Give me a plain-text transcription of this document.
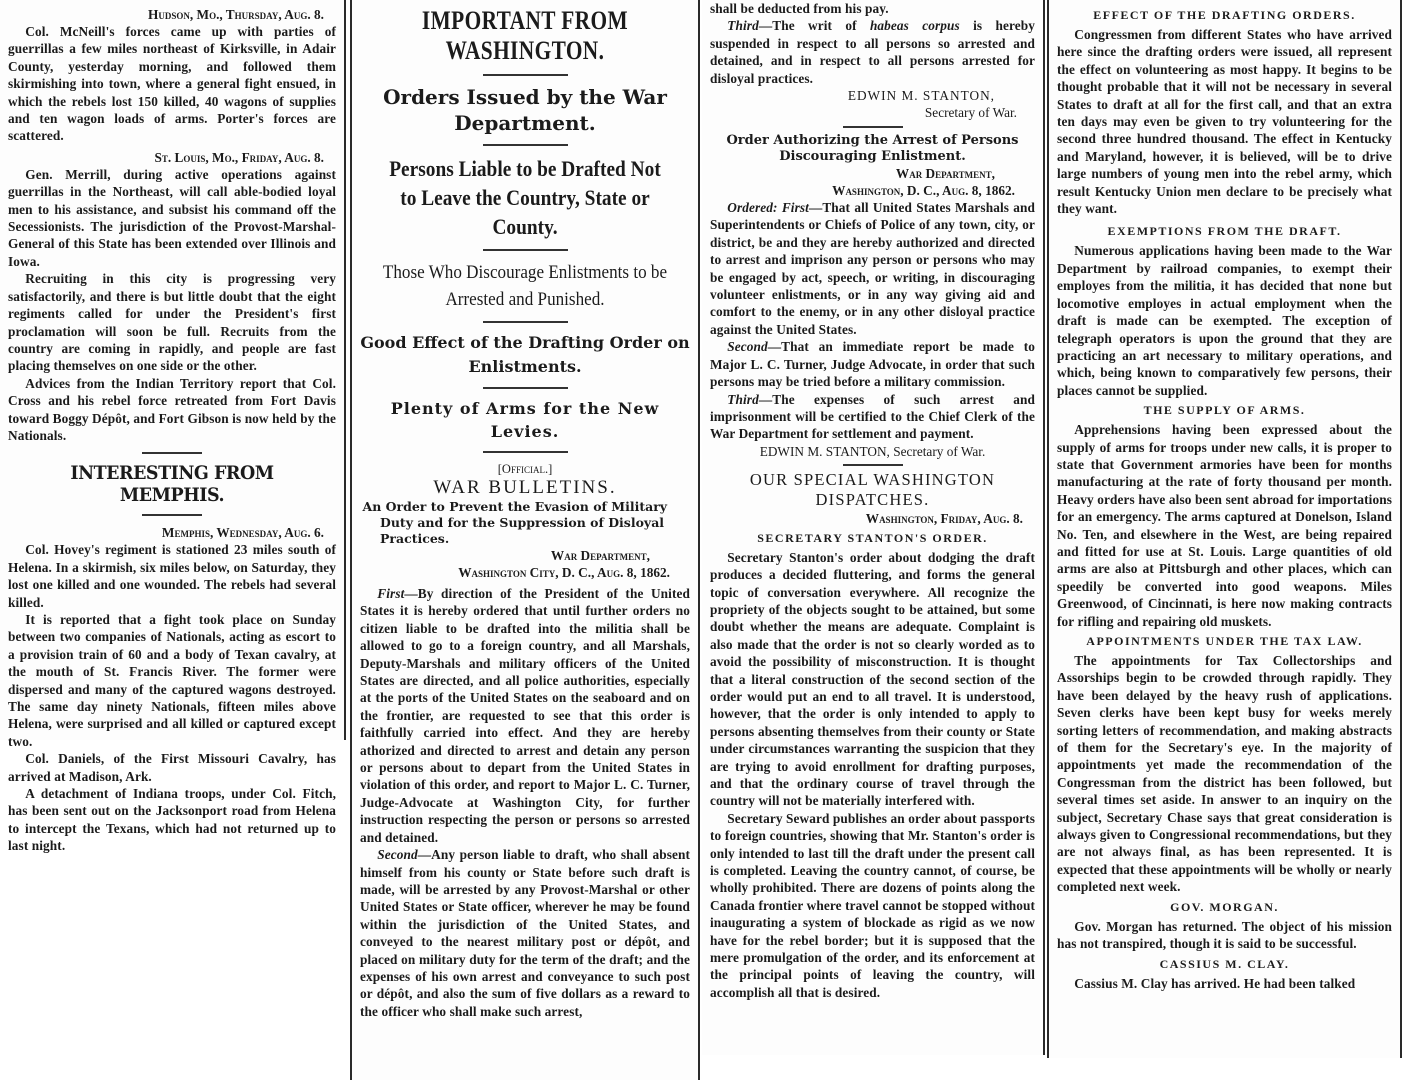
Hudson, Mo., Thursday, Aug. 8.

Col. McNeill's forces came up with parties of guerrillas a few miles northeast of Kirksville, in Adair County, yesterday morning, and followed them skirmishing into town, where a general fight ensued, in which the rebels lost 150 killed, 40 wagons of supplies and ten wagon loads of arms. Porter's forces are scattered.

St. Louis, Mo., Friday, Aug. 8.

Gen. Merrill, during active operations against guerrillas in the Northeast, will call able-bodied loyal men to his assistance, and subsist his command off the Secessionists. The jurisdiction of the Provost-Marshal-General of this State has been extended over Illinois and Iowa.

Recruiting in this city is progressing very satisfactorily, and there is but little doubt that the eight regiments called for under the President's first proclamation will soon be full. Recruits from the country are coming in rapidly, and people are fast placing themselves on one side or the other.

Advices from the Indian Territory report that Col. Cross and his rebel force retreated from Fort Davis toward Boggy Dépôt, and Fort Gibson is now held by the Nationals.

INTERESTING FROM MEMPHIS.
Memphis, Wednesday, Aug. 6.

Col. Hovey's regiment is stationed 23 miles south of Helena. In a skirmish, six miles below, on Saturday, they lost one killed and one wounded. The rebels had several killed.

It is reported that a fight took place on Sunday between two companies of Nationals, acting as escort to a provision train of 60 and a body of Texan cavalry, at the mouth of St. Francis River. The former were dispersed and many of the captured wagons destroyed. The same day ninety Nationals, fifteen miles above Helena, were surprised and all killed or captured except two.

Col. Daniels, of the First Missouri Cavalry, has arrived at Madison, Ark.

A detachment of Indiana troops, under Col. Fitch, has been sent out on the Jacksonport road from Helena to intercept the Texans, which had not returned up to last night.

IMPORTANT FROM WASHINGTON.
Orders Issued by the War Department.
Persons Liable to be Drafted Not to Leave the Country, State or County.
Those Who Discourage Enlistments to be Arrested and Punished.
Good Effect of the Drafting Order on Enlistments.
Plenty of Arms for the New Levies.
[Official.]
WAR BULLETINS.
An Order to Prevent the Evasion of Military Duty and for the Suppression of Disloyal Practices.
War Department,
Washington City, D. C., Aug. 8, 1862.

First—By direction of the President of the United States it is hereby ordered that until further orders no citizen liable to be drafted into the militia shall be allowed to go to a foreign country, and all Marshals, Deputy-Marshals and military officers of the United States are directed, and all police authorities, especially at the ports of the United States on the seaboard and on the frontier, are requested to see that this order is faithfully carried into effect. And they are hereby athorized and directed to arrest and detain any person or persons about to depart from the United States in violation of this order, and report to Major L. C. Turner, Judge-Advocate at Washington City, for further instruction respecting the person or persons so arrested and detained.

Second—Any person liable to draft, who shall absent himself from his county or State before such draft is made, will be arrested by any Provost-Marshal or other United States or State officer, wherever he may be found within the jurisdiction of the United States, and conveyed to the nearest military post or dépôt, and placed on military duty for the term of the draft; and the expenses of his own arrest and conveyance to such post or dépôt, and also the sum of five dollars as a reward to the officer who shall make such arrest,

shall be deducted from his pay.

Third—The writ of habeas corpus is hereby suspended in respect to all persons so arrested and detained, and in respect to all persons arrested for disloyal practices.

EDWIN M. STANTON,
Secretary of War.
Order Authorizing the Arrest of Persons Discouraging Enlistment.
War Department,
Washington, D. C., Aug. 8, 1862.

Ordered: First—That all United States Marshals and Superintendents or Chiefs of Police of any town, city, or district, be and they are hereby authorized and directed to arrest and imprison any person or persons who may be engaged by act, speech, or writing, in discouraging volunteer enlistments, or in any way giving aid and comfort to the enemy, or in any other disloyal practice against the United States.

Second—That an immediate report be made to Major L. C. Turner, Judge Advocate, in order that such persons may be tried before a military commission.

Third—The expenses of such arrest and imprisonment will be certified to the Chief Clerk of the War Department for settlement and payment.

EDWIN M. STANTON, Secretary of War.
OUR SPECIAL WASHINGTON DISPATCHES.
Washington, Friday, Aug. 8.
SECRETARY STANTON'S ORDER.

Secretary Stanton's order about dodging the draft produces a decided fluttering, and forms the general topic of conversation everywhere. All recognize the propriety of the objects sought to be attained, but some doubt whether the means are adequate. Complaint is also made that the order is not so clearly worded as to avoid the possibility of misconstruction. It is thought that a literal construction of the second section of the order would put an end to all travel. It is understood, however, that the order is only intended to apply to persons absenting themselves from their county or State under circumstances warranting the suspicion that they are trying to avoid enrollment for drafting purposes, and that the ordinary course of travel through the country will not be materially interfered with.

Secretary Seward publishes an order about passports to foreign countries, showing that Mr. Stanton's order is only intended to last till the draft under the present call is completed. Leaving the country cannot, of course, be wholly prohibited. There are dozens of points along the Canada frontier where travel cannot be stopped without inaugurating a system of blockade as rigid as we now have for the rebel border; but it is supposed that the mere promulgation of the order, and its enforcement at the principal points of leaving the country, will accomplish all that is desired.

EFFECT OF THE DRAFTING ORDERS.

Congressmen from different States who have arrived here since the drafting orders were issued, all represent the effect on volunteering as most happy. It begins to be thought probable that it will not be necessary in several States to draft at all for the first call, and that an extra ten days may even be given to try volunteering for the second three hundred thousand. The effect in Kentucky and Maryland, however, it is believed, will be to drive large numbers of young men into the rebel army, which result Kentucky Union men declare to be precisely what they want.

EXEMPTIONS FROM THE DRAFT.

Numerous applications having been made to the War Department by railroad companies, to exempt their employes from the militia, it has decided that none but locomotive employes in actual employment when the draft is made can be exempted. The exception of telegraph operators is upon the ground that they are practicing an art necessary to military operations, and which, being known to comparatively few persons, their places cannot be supplied.

THE SUPPLY OF ARMS.

Apprehensions having been expressed about the supply of arms for troops under new calls, it is proper to state that Government armories have been for months manufacturing at the rate of forty thousand per month. Heavy orders have also been sent abroad for importations for an emergency. The arms captured at Donelson, Island No. Ten, and elsewhere in the West, are being repaired and fitted for use at St. Louis. Large quantities of old arms are also at Pittsburgh and other places, which can speedily be converted into good weapons. Miles Greenwood, of Cincinnati, is here now making contracts for rifling and repairing old muskets.

APPOINTMENTS UNDER THE TAX LAW.

The appointments for Tax Collectorships and Assorships begin to be crowded through rapidly. They have been delayed by the heavy rush of applications. Seven clerks have been kept busy for weeks merely sorting letters of recommendation, and making abstracts of them for the Secretary's eye. In the majority of appointments yet made the recommendation of the Congressman from the district has been followed, but several times set aside. In answer to an inquiry on the subject, Secretary Chase says that great consideration is always given to Congressional recommendations, but they are not always final, as has been represented. It is expected that these appointments will be wholly or nearly completed next week.

GOV. MORGAN.

Gov. Morgan has returned. The object of his mission has not transpired, though it is said to be successful.

CASSIUS M. CLAY.

Cassius M. Clay has arrived. He had been talked
